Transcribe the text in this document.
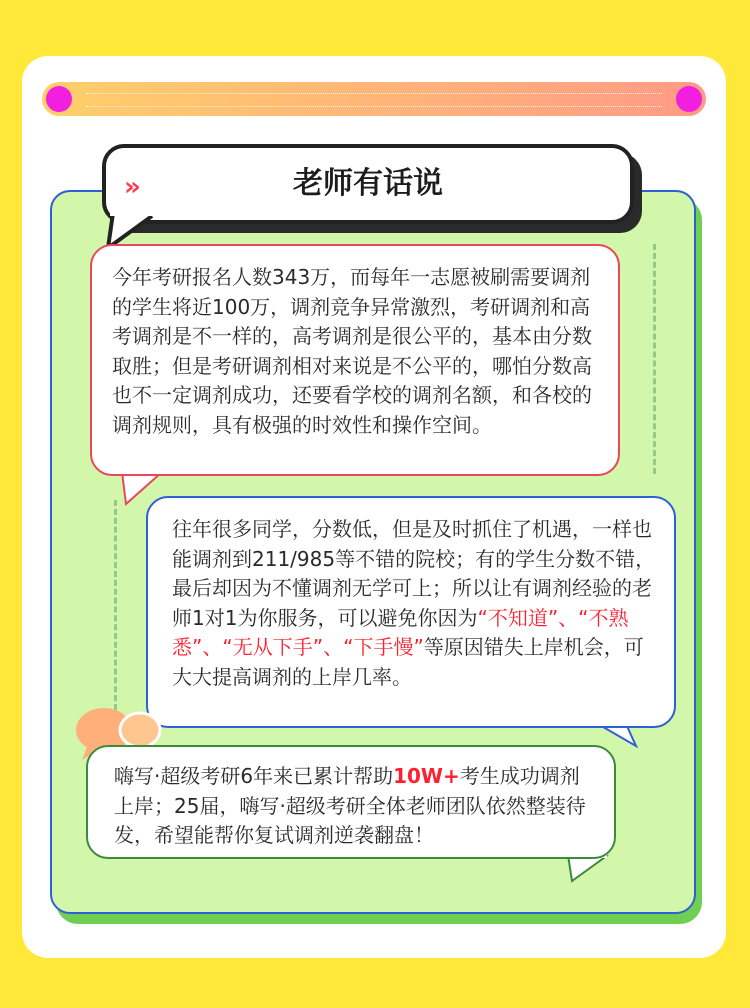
»	老师有话说
今年考研报名人数343万，而每年一志愿被刷需要调剂的学生将近100万，调剂竞争异常激烈，考研调剂和高考调剂是不一样的，高考调剂是很公平的，基本由分数取胜；但是考研调剂相对来说是不公平的，哪怕分数高也不一定调剂成功，还要看学校的调剂名额，和各校的调剂规则，具有极强的时效性和操作空间。
往年很多同学，分数低，但是及时抓住了机遇，一样也能调剂到211/985等不错的院校；有的学生分数不错，最后却因为不懂调剂无学可上；所以让有调剂经验的老师1对1为你服务，可以避免你因为“不知道”、“不熟悉”、“无从下手”、“下手慢”等原因错失上岸机会，可大大提高调剂的上岸几率。
嗨写·超级考研6年来已累计帮助10W+考生成功调剂上岸；25届，嗨写·超级考研全体老师团队依然整装待发，希望能帮你复试调剂逆袭翻盘！
